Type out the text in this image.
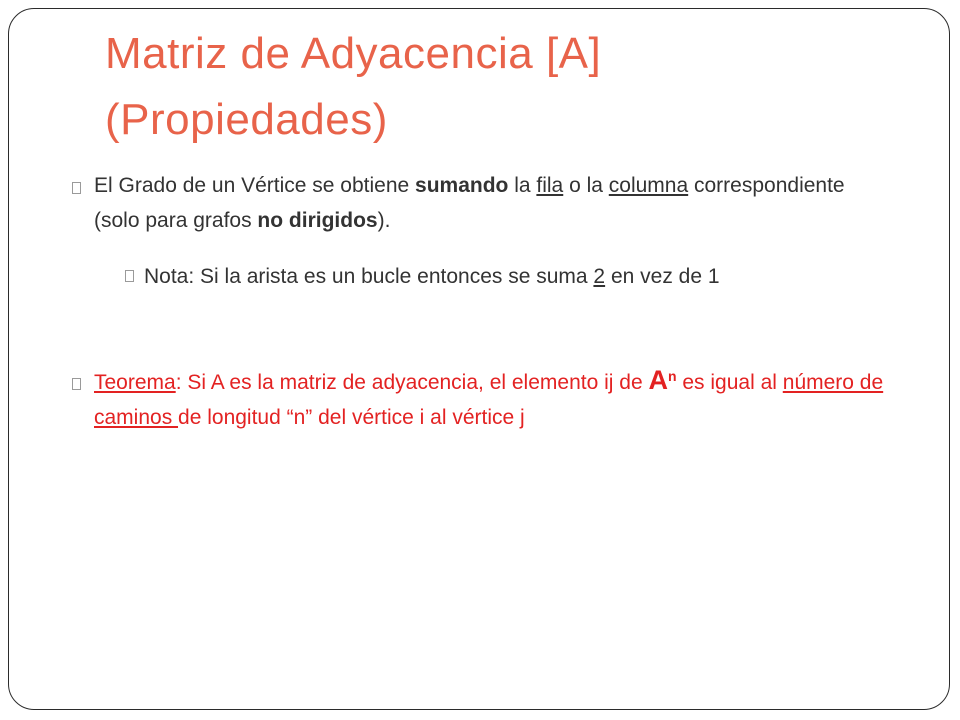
Matriz de Adyacencia [A]
(Propiedades)
El Grado de un Vértice se obtiene sumando la fila o la columna correspondiente (solo para grafos no dirigidos).
Nota: Si la arista es un bucle entonces se suma 2 en vez de 1
Teorema: Si A es la matriz de adyacencia, el elemento ij de $A^n$ es igual al número de caminos de longitud “n” del vértice i al vértice j
